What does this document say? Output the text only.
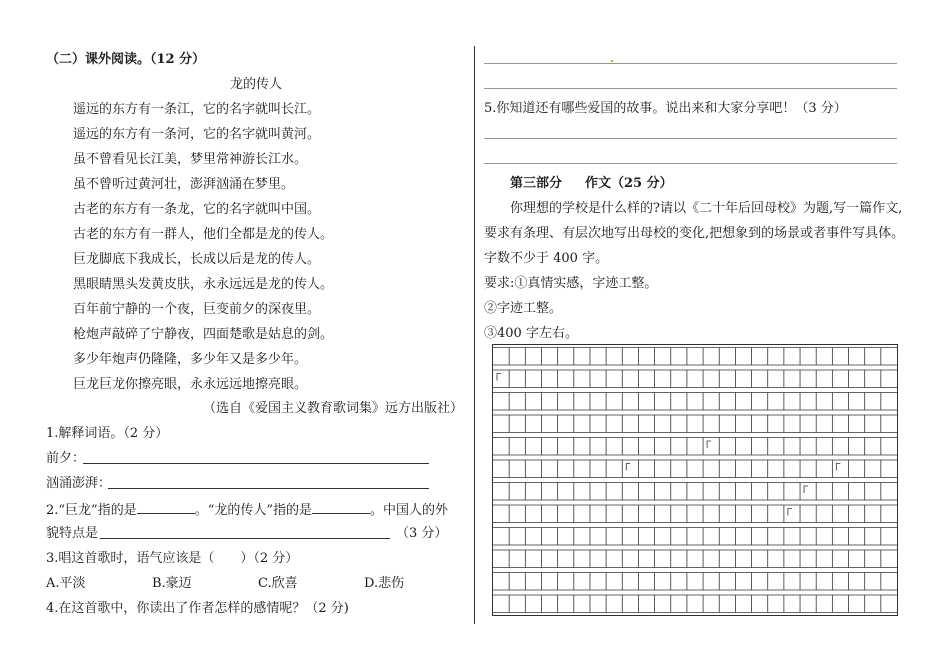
（二）课外阅读。（12 分）
龙的传人
遥远的东方有一条江，它的名字就叫长江。
遥远的东方有一条河，它的名字就叫黄河。
虽不曾看见长江美，梦里常神游长江水。
虽不曾听过黄河壮，澎湃汹涌在梦里。
古老的东方有一条龙，它的名字就叫中国。
古老的东方有一群人，他们全都是龙的传人。
巨龙脚底下我成长，长成以后是龙的传人。
黑眼睛黑头发黄皮肤，永永远远是龙的传人。
百年前宁静的一个夜，巨变前夕的深夜里。
枪炮声敲碎了宁静夜，四面楚歌是姑息的剑。
多少年炮声仍隆隆，多少年又是多少年。
巨龙巨龙你擦亮眼，永永远远地擦亮眼。
（选自《爱国主义教育歌词集》远方出版社）
1.解释词语。（2 分）
前夕：
汹涌澎湃：
2.“巨龙”指的是	。“龙的传人”指的是	。中国人的外
貌特点是	（3 分）
3.唱这首歌时，语气应该是（　　）（2 分）
A.平淡	B.豪迈	C.欣喜	D.悲伤
4.在这首歌中，你读出了作者怎样的感情呢？（2 分)
5.你知道还有哪些爱国的故事。说出来和大家分享吧！（3 分）
第三部分 作文（25 分）
你理想的学校是什么样的?请以《二十年后回母校》为题,写一篇作文,
要求有条理、有层次地写出母校的变化,把想象到的场景或者事件写具体。
字数不少于 400 字。
要求:①真情实感，字迹工整。
②字迹工整。
③400 字左右。
